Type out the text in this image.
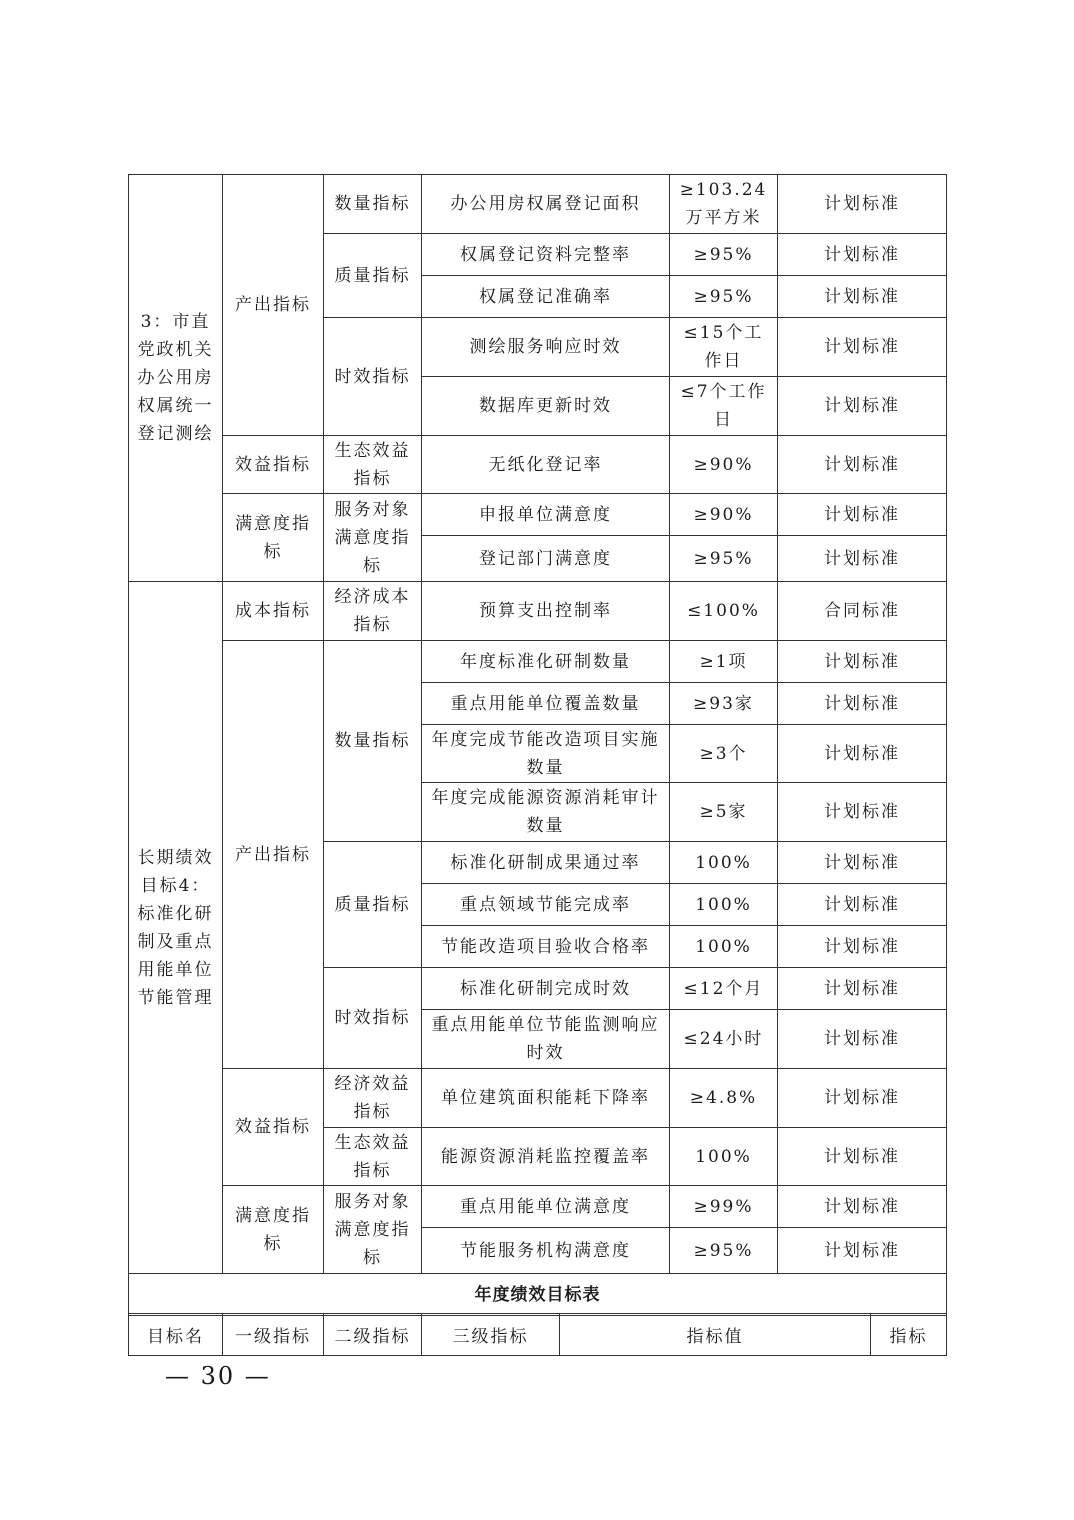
3：市直党政机关办公用房权属统一登记测绘	产出指标	数量指标	办公用房权属登记面积	≥103.24万平方米	计划标准
		质量指标	权属登记资料完整率	≥95%	计划标准
			权属登记准确率	≥95%	计划标准
		时效指标	测绘服务响应时效	≤15个工作日	计划标准
			数据库更新时效	≤7个工作日	计划标准
	效益指标	生态效益指标	无纸化登记率	≥90%	计划标准
	满意度指标	服务对象满意度指标	申报单位满意度	≥90%	计划标准
			登记部门满意度	≥95%	计划标准

长期绩效目标4：标准化研制及重点用能单位节能管理	成本指标	经济成本指标	预算支出控制率	≤100%	合同标准
	产出指标	数量指标	年度标准化研制数量	≥1项	计划标准
			重点用能单位覆盖数量	≥93家	计划标准
			年度完成节能改造项目实施数量	≥3个	计划标准
			年度完成能源资源消耗审计数量	≥5家	计划标准
		质量指标	标准化研制成果通过率	100%	计划标准
			重点领域节能完成率	100%	计划标准
			节能改造项目验收合格率	100%	计划标准
		时效指标	标准化研制完成时效	≤12个月	计划标准
			重点用能单位节能监测响应时效	≤24小时	计划标准
	效益指标	经济效益指标	单位建筑面积能耗下降率	≥4.8%	计划标准
		生态效益指标	能源资源消耗监控覆盖率	100%	计划标准
	满意度指标	服务对象满意度指标	重点用能单位满意度	≥99%	计划标准
			节能服务机构满意度	≥95%	计划标准

年度绩效目标表					
目标名	一级指标	二级指标	三级指标	指标值	指标
— 30 —
